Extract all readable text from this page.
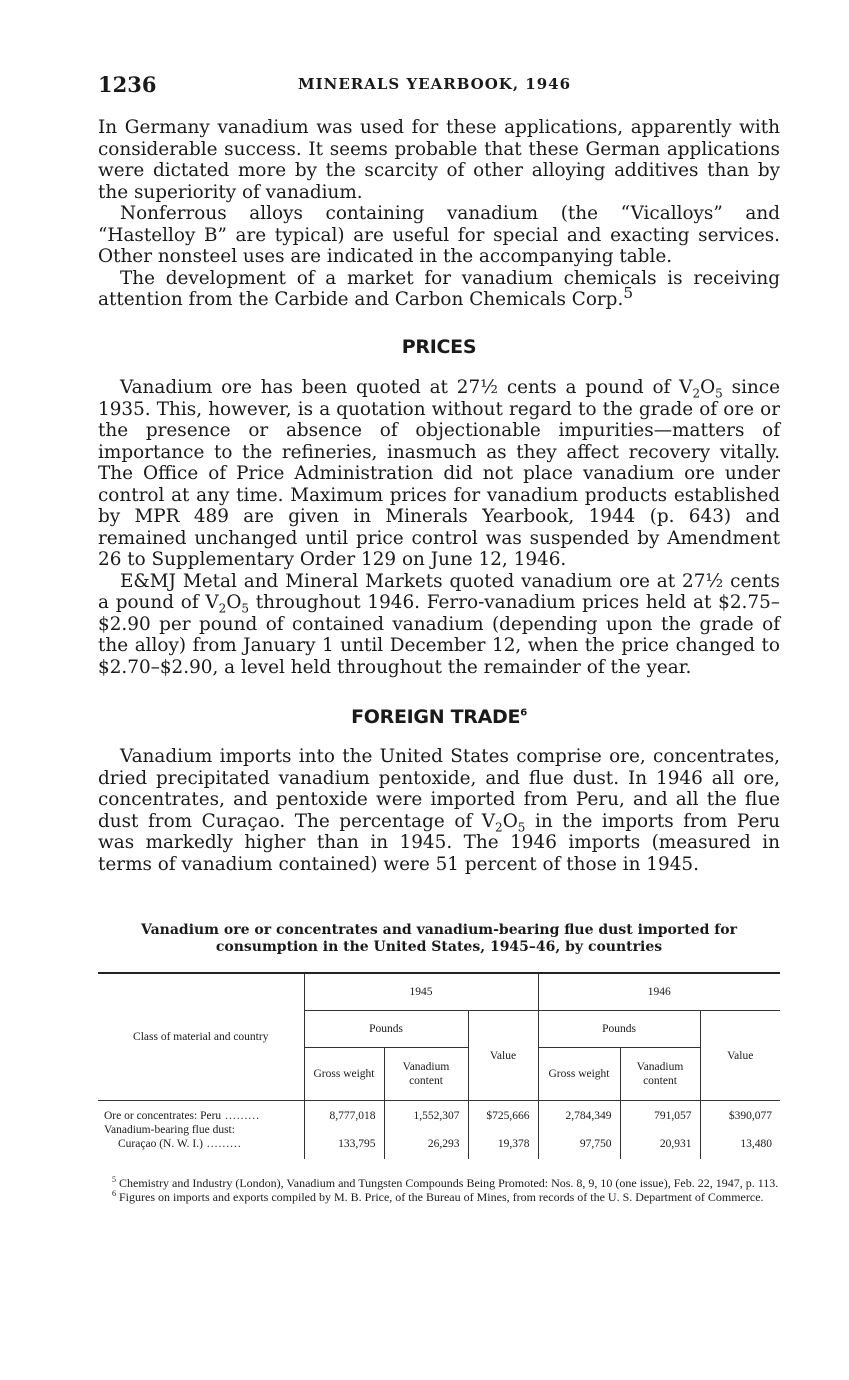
1236	MINERALS YEARBOOK, 1946

In Germany vanadium was used for these applications, apparently with considerable success. It seems probable that these German applications were dictated more by the scarcity of other alloying additives than by the superiority of vanadium.

Nonferrous alloys containing vanadium (the “Vicalloys” and “Hastelloy B” are typical) are useful for special and exacting services. Other nonsteel uses are indicated in the accompanying table.

The development of a market for vanadium chemicals is receiving attention from the Carbide and Carbon Chemicals Corp.$^5$

PRICES

Vanadium ore has been quoted at 27½ cents a pound of $V_2O_5$ since 1935. This, however, is a quotation without regard to the grade of ore or the presence or absence of objectionable impurities—matters of importance to the refineries, inasmuch as they affect recovery vitally. The Office of Price Administration did not place vanadium ore under control at any time. Maximum prices for vanadium products established by MPR 489 are given in Minerals Yearbook, 1944 (p. 643) and remained unchanged until price control was suspended by Amendment 26 to Supplementary Order 129 on June 12, 1946.

E&MJ Metal and Mineral Markets quoted vanadium ore at 27½ cents a pound of $V_2O_5$ throughout 1946. Ferro-vanadium prices held at $2.75–$2.90 per pound of contained vanadium (depending upon the grade of the alloy) from January 1 until December 12, when the price changed to $2.70–$2.90, a level held throughout the remainder of the year.

FOREIGN TRADE$^6$

Vanadium imports into the United States comprise ore, concentrates, dried precipitated vanadium pentoxide, and flue dust. In 1946 all ore, concentrates, and pentoxide were imported from Peru, and all the flue dust from Curaçao. The percentage of $V_2O_5$ in the imports from Peru was markedly higher than in 1945. The 1946 imports (measured in terms of vanadium contained) were 51 percent of those in 1945.

Vanadium ore or concentrates and vanadium-bearing flue dust imported for consumption in the United States, 1945–46, by countries
Class of material and country	1945			1946		
	Pounds		Value	Pounds		Value
	Gross weight	Vanadium content		Gross weight	Vanadium content	
Ore or concentrates: Peru .....	8,777,018	1,552,307	$725,666	2,784,349	791,057	$390,077

Vanadium-bearing flue dust:
Curaçao (N. W. I.) .....	133,795	26,293	19,378	97,750	20,931	13,480

$^5$ Chemistry and Industry (London), Vanadium and Tungsten Compounds Being Promoted: Nos. 8, 9, 10 (one issue), Feb. 22, 1947, p. 113.

$^6$ Figures on imports and exports compiled by M. B. Price, of the Bureau of Mines, from records of the U. S. Department of Commerce.
